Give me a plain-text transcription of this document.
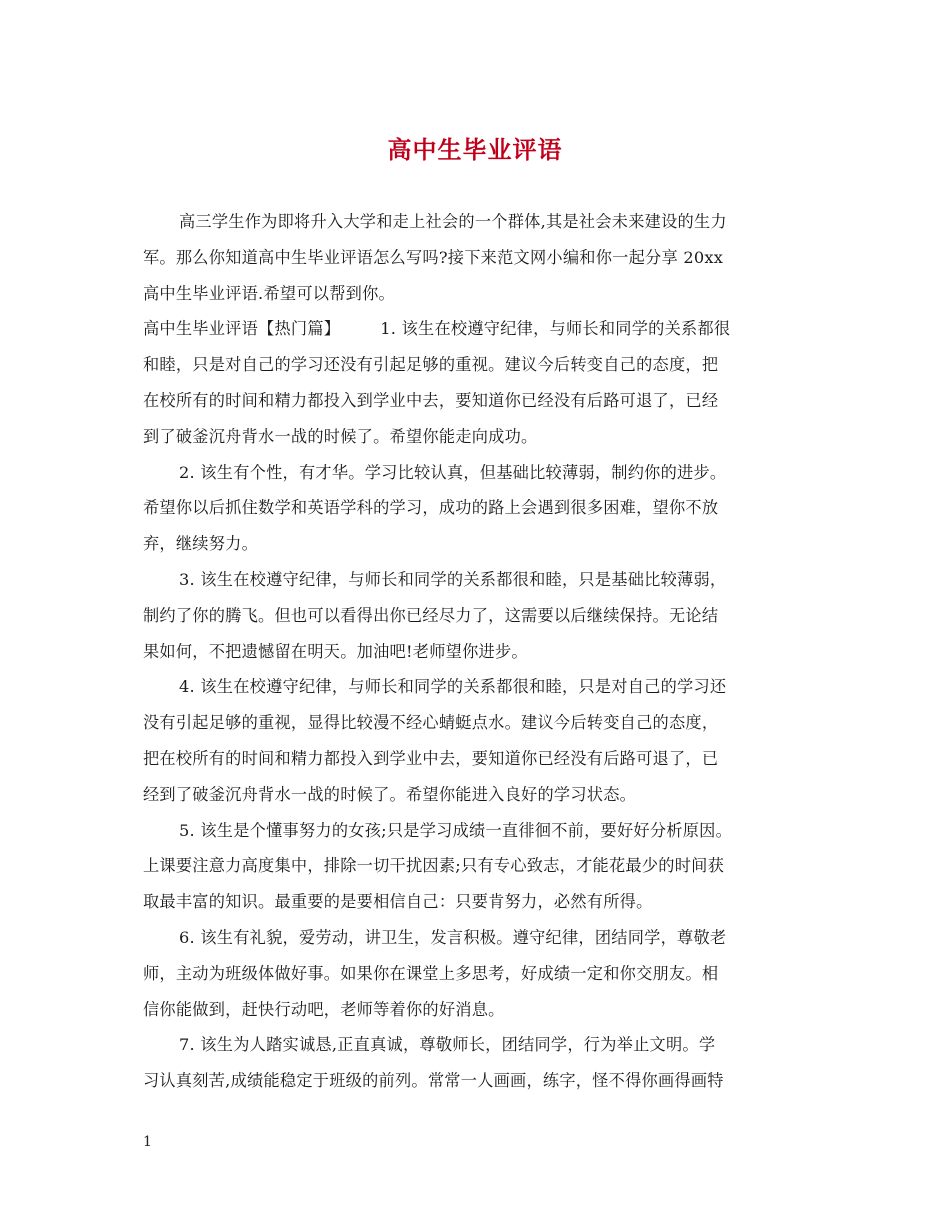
高中生毕业评语
高三学生作为即将升入大学和走上社会的一个群体,其是社会未来建设的生力
军。那么你知道高中生毕业评语怎么写吗?接下来范文网小编和你一起分享 20xx
高中生毕业评语.希望可以帮到你。
高中生毕业评语【热门篇】 1. 该生在校遵守纪律，与师长和同学的关系都很
和睦，只是对自己的学习还没有引起足够的重视。建议今后转变自己的态度，把
在校所有的时间和精力都投入到学业中去，要知道你已经没有后路可退了，已经
到了破釜沉舟背水一战的时候了。希望你能走向成功。
2. 该生有个性，有才华。学习比较认真，但基础比较薄弱，制约你的进步。
希望你以后抓住数学和英语学科的学习，成功的路上会遇到很多困难，望你不放
弃，继续努力。
3. 该生在校遵守纪律，与师长和同学的关系都很和睦，只是基础比较薄弱，
制约了你的腾飞。但也可以看得出你已经尽力了，这需要以后继续保持。无论结
果如何，不把遗憾留在明天。加油吧!老师望你进步。
4. 该生在校遵守纪律，与师长和同学的关系都很和睦，只是对自己的学习还
没有引起足够的重视，显得比较漫不经心蜻蜓点水。建议今后转变自己的态度，
把在校所有的时间和精力都投入到学业中去，要知道你已经没有后路可退了，已
经到了破釜沉舟背水一战的时候了。希望你能进入良好的学习状态。
5. 该生是个懂事努力的女孩;只是学习成绩一直徘徊不前，要好好分析原因。
上课要注意力高度集中，排除一切干扰因素;只有专心致志，才能花最少的时间获
取最丰富的知识。最重要的是要相信自己：只要肯努力，必然有所得。
6. 该生有礼貌，爱劳动，讲卫生，发言积极。遵守纪律，团结同学，尊敬老
师，主动为班级体做好事。如果你在课堂上多思考，好成绩一定和你交朋友。相
信你能做到，赶快行动吧，老师等着你的好消息。
7. 该生为人踏实诚恳,正直真诚，尊敬师长，团结同学，行为举止文明。学
习认真刻苦,成绩能稳定于班级的前列。常常一人画画，练字，怪不得你画得画特
1
